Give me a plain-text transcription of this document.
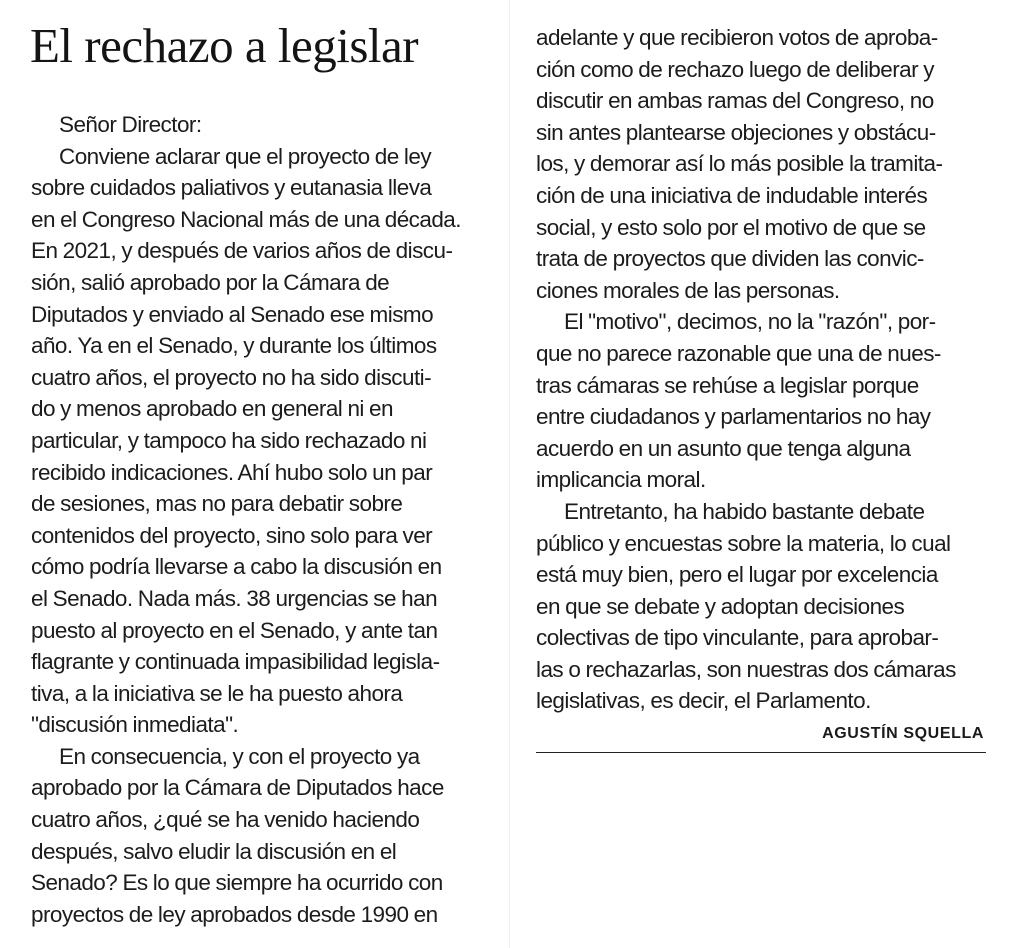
El rechazo a legislar
Señor Director:
Conviene aclarar que el proyecto de ley
sobre cuidados paliativos y eutanasia lleva
en el Congreso Nacional más de una década.
En 2021, y después de varios años de discu-
sión, salió aprobado por la Cámara de
Diputados y enviado al Senado ese mismo
año. Ya en el Senado, y durante los últimos
cuatro años, el proyecto no ha sido discuti-
do y menos aprobado en general ni en
particular, y tampoco ha sido rechazado ni
recibido indicaciones. Ahí hubo solo un par
de sesiones, mas no para debatir sobre
contenidos del proyecto, sino solo para ver
cómo podría llevarse a cabo la discusión en
el Senado. Nada más. 38 urgencias se han
puesto al proyecto en el Senado, y ante tan
flagrante y continuada impasibilidad legisla-
tiva, a la iniciativa se le ha puesto ahora
"discusión inmediata".
En consecuencia, y con el proyecto ya
aprobado por la Cámara de Diputados hace
cuatro años, ¿qué se ha venido haciendo
después, salvo eludir la discusión en el
Senado? Es lo que siempre ha ocurrido con
proyectos de ley aprobados desde 1990 en
adelante y que recibieron votos de aproba-
ción como de rechazo luego de deliberar y
discutir en ambas ramas del Congreso, no
sin antes plantearse objeciones y obstácu-
los, y demorar así lo más posible la tramita-
ción de una iniciativa de indudable interés
social, y esto solo por el motivo de que se
trata de proyectos que dividen las convic-
ciones morales de las personas.
El "motivo", decimos, no la "razón", por-
que no parece razonable que una de nues-
tras cámaras se rehúse a legislar porque
entre ciudadanos y parlamentarios no hay
acuerdo en un asunto que tenga alguna
implicancia moral.
Entretanto, ha habido bastante debate
público y encuestas sobre la materia, lo cual
está muy bien, pero el lugar por excelencia
en que se debate y adoptan decisiones
colectivas de tipo vinculante, para aprobar-
las o rechazarlas, son nuestras dos cámaras
legislativas, es decir, el Parlamento.
AGUSTÍN SQUELLA
